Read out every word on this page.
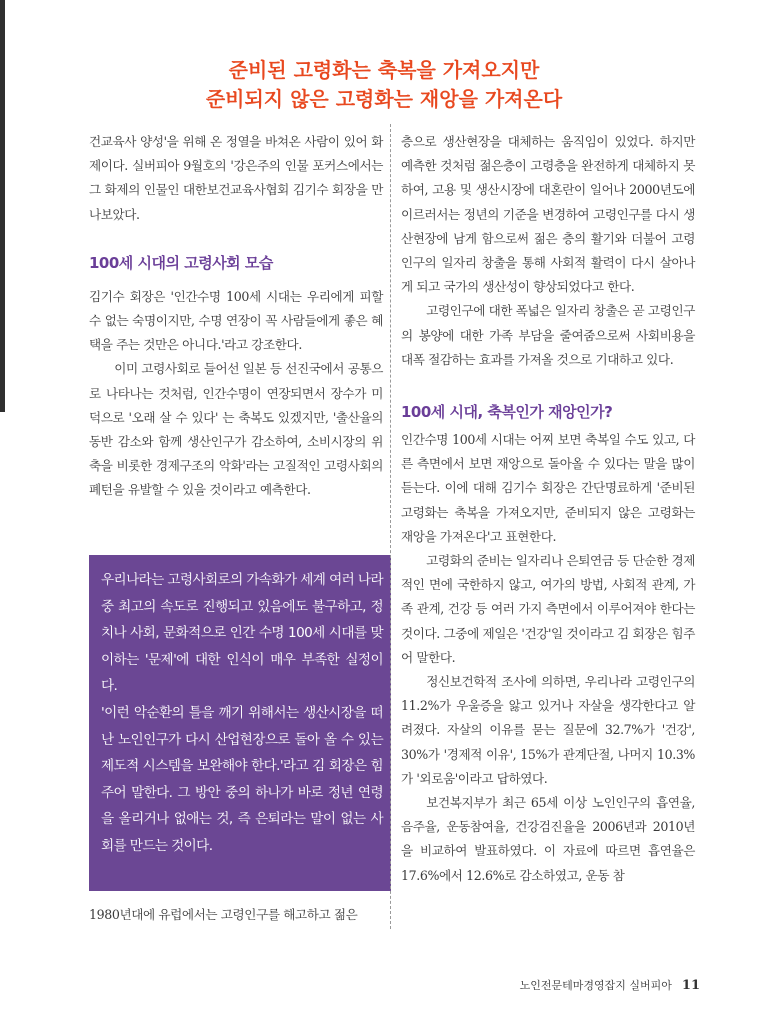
준비된 고령화는 축복을 가져오지만
준비되지 않은 고령화는 재앙을 가져온다

건교육사 양성'을 위해 온 정열을 바쳐온 사람이 있어 화제이다. 실버피아 9월호의 '강은주의 인물 포커스에서는 그 화제의 인물인 대한보건교육사협회 김기수 회장을 만나보았다.

100세 시대의 고령사회 모습

김기수 회장은 '인간수명 100세 시대는 우리에게 피할 수 없는 숙명이지만, 수명 연장이 꼭 사람들에게 좋은 혜택을 주는 것만은 아니다.'라고 강조한다.

이미 고령사회로 들어선 일본 등 선진국에서 공통으로 나타나는 것처럼, 인간수명이 연장되면서 장수가 미덕으로 '오래 살 수 있다' 는 축복도 있겠지만, '출산율의 동반 감소와 함께 생산인구가 감소하여, 소비시장의 위축을 비롯한 경제구조의 악화'라는 고질적인 고령사회의 폐턴을 유발할 수 있을 것이라고 예측한다.

우리나라는 고령사회로의 가속화가 세계 여러 나라 중 최고의 속도로 진행되고 있음에도 불구하고, 정치나 사회, 문화적으로 인간 수명 100세 시대를 맞이하는 '문제'에 대한 인식이 매우 부족한 실정이다.

'이런 악순환의 틀을 깨기 위해서는 생산시장을 떠난 노인인구가 다시 산업현장으로 돌아 올 수 있는 제도적 시스템을 보완해야 한다.'라고 김 회장은 힘주어 말한다. 그 방안 중의 하나가 바로 정년 연령을 올리거나 없애는 것, 즉 은퇴라는 말이 없는 사회를 만드는 것이다.

1980년대에 유럽에서는 고령인구를 해고하고 젊은

층으로 생산현장을 대체하는 움직임이 있었다. 하지만 예측한 것처럼 젊은층이 고령층을 완전하게 대체하지 못하여, 고용 및 생산시장에 대혼란이 일어나 2000년도에 이르러서는 정년의 기준을 변경하여 고령인구를 다시 생산현장에 남게 함으로써 젊은 층의 활기와 더불어 고령인구의 일자리 창출을 통해 사회적 활력이 다시 살아나게 되고 국가의 생산성이 향상되었다고 한다.

고령인구에 대한 폭넓은 일자리 창출은 곧 고령인구의 봉양에 대한 가족 부담을 줄여줌으로써 사회비용을 대폭 절감하는 효과를 가져올 것으로 기대하고 있다.

100세 시대, 축복인가 재앙인가?

인간수명 100세 시대는 어찌 보면 축복일 수도 있고, 다른 측면에서 보면 재앙으로 돌아올 수 있다는 말을 많이 듣는다. 이에 대해 김기수 회장은 간단명료하게 '준비된 고령화는 축복을 가져오지만, 준비되지 않은 고령화는 재앙을 가져온다'고 표현한다.

고령화의 준비는 일자리나 은퇴연금 등 단순한 경제적인 면에 국한하지 않고, 여가의 방법, 사회적 관계, 가족 관계, 건강 등 여러 가지 측면에서 이루어져야 한다는 것이다. 그중에 제일은 '건강'일 것이라고 김 회장은 힘주어 말한다.

정신보건학적 조사에 의하면, 우리나라 고령인구의 11.2%가 우울증을 앓고 있거나 자살을 생각한다고 알려졌다. 자살의 이유를 묻는 질문에 32.7%가 '건강', 30%가 '경제적 이유', 15%가 관계단절, 나머지 10.3%가 '외로움'이라고 답하였다.

보건복지부가 최근 65세 이상 노인인구의 흡연율, 음주율, 운동참여율, 건강검진율을 2006년과 2010년을 비교하여 발표하였다. 이 자료에 따르면 흡연율은 17.6%에서 12.6%로 감소하였고, 운동 참

노인전문테마경영잡지 실버피아 11
